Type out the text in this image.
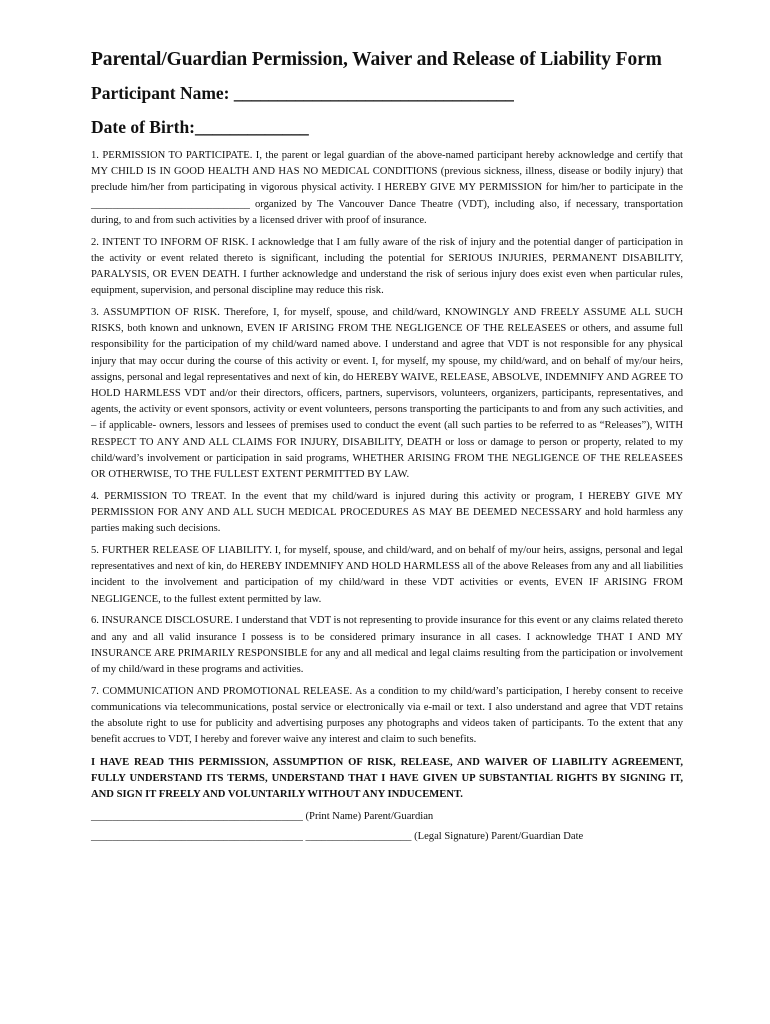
Parental/Guardian Permission, Waiver and Release of Liability Form
Participant Name: ________________________________
Date of Birth:_____________
1. PERMISSION TO PARTICIPATE. I, the parent or legal guardian of the above-named participant hereby acknowledge and certify that MY CHILD IS IN GOOD HEALTH AND HAS NO MEDICAL CONDITIONS (previous sickness, illness, disease or bodily injury) that preclude him/her from participating in vigorous physical activity. I HEREBY GIVE MY PERMISSION for him/her to participate in the ______________________________ organized by The Vancouver Dance Theatre (VDT), including also, if necessary, transportation during, to and from such activities by a licensed driver with proof of insurance.
2. INTENT TO INFORM OF RISK. I acknowledge that I am fully aware of the risk of injury and the potential danger of participation in the activity or event related thereto is significant, including the potential for SERIOUS INJURIES, PERMANENT DISABILITY, PARALYSIS, OR EVEN DEATH. I further acknowledge and understand the risk of serious injury does exist even when particular rules, equipment, supervision, and personal discipline may reduce this risk.
3. ASSUMPTION OF RISK. Therefore, I, for myself, spouse, and child/ward, KNOWINGLY AND FREELY ASSUME ALL SUCH RISKS, both known and unknown, EVEN IF ARISING FROM THE NEGLIGENCE OF THE RELEASEES or others, and assume full responsibility for the participation of my child/ward named above. I understand and agree that VDT is not responsible for any physical injury that may occur during the course of this activity or event. I, for myself, my spouse, my child/ward, and on behalf of my/our heirs, assigns, personal and legal representatives and next of kin, do HEREBY WAIVE, RELEASE, ABSOLVE, INDEMNIFY AND AGREE TO HOLD HARMLESS VDT and/or their directors, officers, partners, supervisors, volunteers, organizers, participants, representatives, and agents, the activity or event sponsors, activity or event volunteers, persons transporting the participants to and from any such activities, and – if applicable- owners, lessors and lessees of premises used to conduct the event (all such parties to be referred to as “Releases”), WITH RESPECT TO ANY AND ALL CLAIMS FOR INJURY, DISABILITY, DEATH or loss or damage to person or property, related to my child/ward’s involvement or participation in said programs, WHETHER ARISING FROM THE NEGLIGENCE OF THE RELEASEES OR OTHERWISE, TO THE FULLEST EXTENT PERMITTED BY LAW.
4. PERMISSION TO TREAT. In the event that my child/ward is injured during this activity or program, I HEREBY GIVE MY PERMISSION FOR ANY AND ALL SUCH MEDICAL PROCEDURES AS MAY BE DEEMED NECESSARY and hold harmless any parties making such decisions.
5. FURTHER RELEASE OF LIABILITY. I, for myself, spouse, and child/ward, and on behalf of my/our heirs, assigns, personal and legal representatives and next of kin, do HEREBY INDEMNIFY AND HOLD HARMLESS all of the above Releases from any and all liabilities incident to the involvement and participation of my child/ward in these VDT activities or events, EVEN IF ARISING FROM NEGLIGENCE, to the fullest extent permitted by law.
6. INSURANCE DISCLOSURE. I understand that VDT is not representing to provide insurance for this event or any claims related thereto and any and all valid insurance I possess is to be considered primary insurance in all cases. I acknowledge THAT I AND MY INSURANCE ARE PRIMARILY RESPONSIBLE for any and all medical and legal claims resulting from the participation or involvement of my child/ward in these programs and activities.
7. COMMUNICATION AND PROMOTIONAL RELEASE. As a condition to my child/ward’s participation, I hereby consent to receive communications via telecommunications, postal service or electronically via e-mail or text. I also understand and agree that VDT retains the absolute right to use for publicity and advertising purposes any photographs and videos taken of participants. To the extent that any benefit accrues to VDT, I hereby and forever waive any interest and claim to such benefits.
I HAVE READ THIS PERMISSION, ASSUMPTION OF RISK, RELEASE, AND WAIVER OF LIABILITY AGREEMENT, FULLY UNDERSTAND ITS TERMS, UNDERSTAND THAT I HAVE GIVEN UP SUBSTANTIAL RIGHTS BY SIGNING IT, AND SIGN IT FREELY AND VOLUNTARILY WITHOUT ANY INDUCEMENT.
________________________________________ (Print Name) Parent/Guardian
________________________________________ ____________________ (Legal Signature) Parent/Guardian Date
